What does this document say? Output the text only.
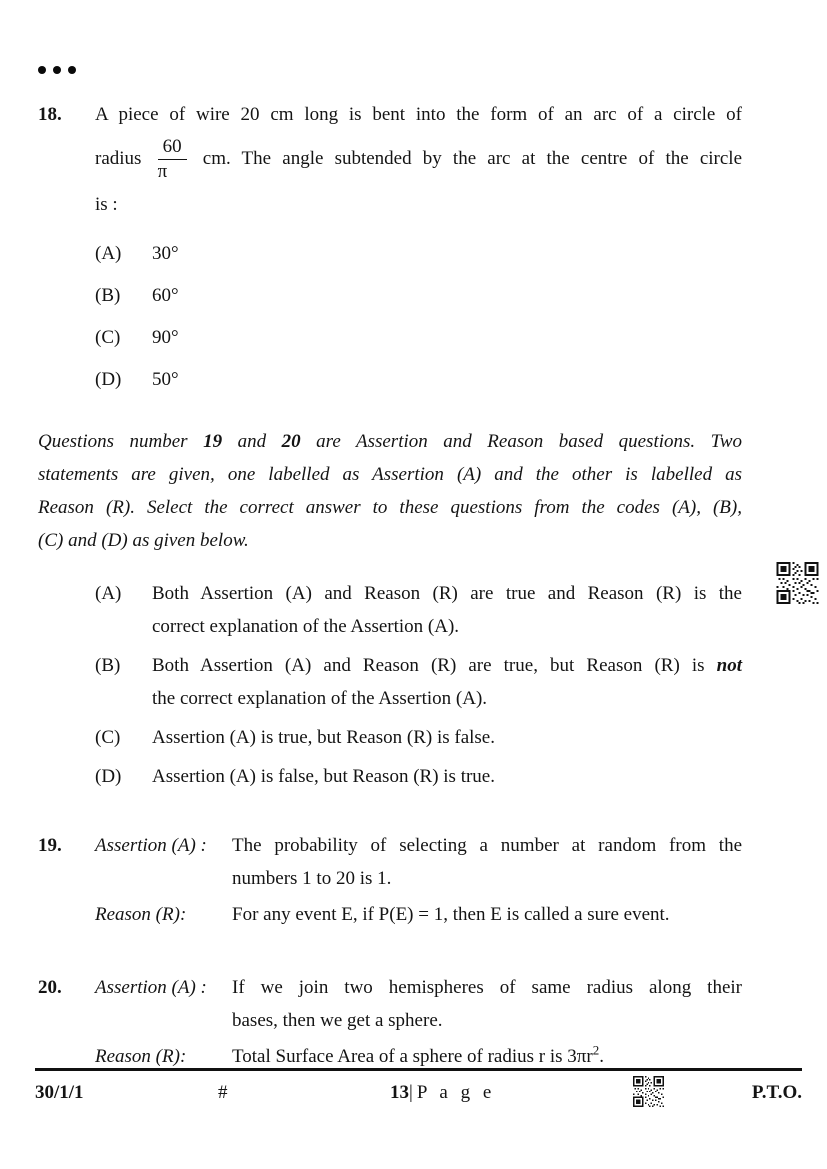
18.	A piece of wire 20 cm long is bent into the form of an arc of a circle of
radius $\frac{60}{\pi}$ cm. The angle subtended by the arc at the centre of the circle
is :
(A)	30°
(B)	60°
(C)	90°
(D)	50°
Questions number 19 and 20 are Assertion and Reason based questions. Two
statements are given, one labelled as Assertion (A) and the other is labelled as
Reason (R). Select the correct answer to these questions from the codes (A), (B),
(C) and (D) as given below.
(A)	Both Assertion (A) and Reason (R) are true and Reason (R) is the
correct explanation of the Assertion (A).
(B)	Both Assertion (A) and Reason (R) are true, but Reason (R) is not
the correct explanation of the Assertion (A).
(C)	Assertion (A) is true, but Reason (R) is false.
(D)	Assertion (A) is false, but Reason (R) is true.
19.	Assertion (A) :	The probability of selecting a number at random from the
numbers 1 to 20 is 1.
Reason (R):	For any event E, if P(E) = 1, then E is called a sure event.
20.	Assertion (A) :	If we join two hemispheres of same radius along their
bases, then we get a sphere.
Reason (R):	Total Surface Area of a sphere of radius r is $3\pi r^2$.
30/1/1	#	13| P a g e	P.T.O.
